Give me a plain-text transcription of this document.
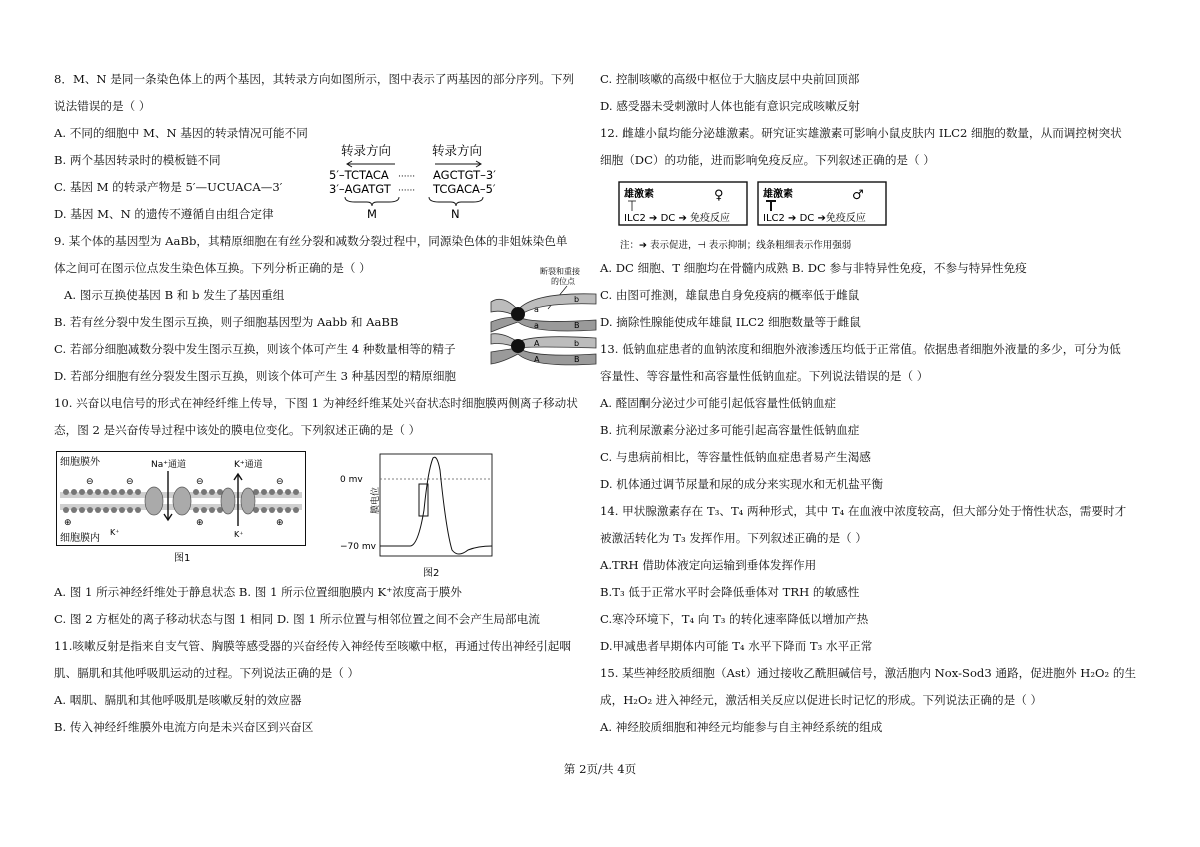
8．M、N 是同一条染色体上的两个基因，其转录方向如图所示，图中表示了两基因的部分序列。下列
说法错误的是（ ）
A. 不同的细胞中 M、N 基因的转录情况可能不同
B. 两个基因转录时的模板链不同
C. 基因 M 的转录产物是 5′—UCUACA—3′
D. 基因 M、N 的遗传不遵循自由组合定律
9. 某个体的基因型为 AaBb，其精原细胞在有丝分裂和减数分裂过程中，同源染色体的非姐妹染色单
体之间可在图示位点发生染色体互换。下列分析正确的是（ ）
A. 图示互换使基因 B 和 b 发生了基因重组
B. 若有丝分裂中发生图示互换，则子细胞基因型为 Aabb 和 AaBB
C. 若部分细胞减数分裂中发生图示互换，则该个体可产生 4 种数量相等的精子
D. 若部分细胞有丝分裂发生图示互换，则该个体可产生 3 种基因型的精原细胞
10. 兴奋以电信号的形式在神经纤维上传导，下图 1 为神经纤维某处兴奋状态时细胞膜两侧离子移动状
态，图 2 是兴奋传导过程中该处的膜电位变化。下列叙述正确的是（ ）
A. 图 1 所示神经纤维处于静息状态 B. 图 1 所示位置细胞膜内 K⁺浓度高于膜外
C. 图 2 方框处的离子移动状态与图 1 相同 D. 图 1 所示位置与相邻位置之间不会产生局部电流
11.咳嗽反射是指来自支气管、胸膜等感受器的兴奋经传入神经传至咳嗽中枢，再通过传出神经引起咽
肌、膈肌和其他呼吸肌运动的过程。下列说法正确的是（ ）
A. 咽肌、膈肌和其他呼吸肌是咳嗽反射的效应器
B. 传入神经纤维膜外电流方向是未兴奋区到兴奋区
C. 控制咳嗽的高级中枢位于大脑皮层中央前回顶部
D. 感受器未受刺激时人体也能有意识完成咳嗽反射
12. 雌雄小鼠均能分泌雄激素。研究证实雄激素可影响小鼠皮肤内 ILC2 细胞的数量，从而调控树突状
细胞（DC）的功能，进而影响免疫反应。下列叙述正确的是（ ）
A. DC 细胞、T 细胞均在骨髓内成熟 B. DC 参与非特异性免疫，不参与特异性免疫
C. 由图可推测，雄鼠患自身免疫病的概率低于雌鼠
D. 摘除性腺能使成年雄鼠 ILC2 细胞数量等于雌鼠
13. 低钠血症患者的血钠浓度和细胞外液渗透压均低于正常值。依据患者细胞外液量的多少，可分为低
容量性、等容量性和高容量性低钠血症。下列说法错误的是（ ）
A. 醛固酮分泌过少可能引起低容量性低钠血症
B. 抗利尿激素分泌过多可能引起高容量性低钠血症
C. 与患病前相比，等容量性低钠血症患者易产生渴感
D. 机体通过调节尿量和尿的成分来实现水和无机盐平衡
14. 甲状腺激素存在 T₃、T₄ 两种形式，其中 T₄ 在血液中浓度较高，但大部分处于惰性状态，需要时才
被激活转化为 T₃ 发挥作用。下列叙述正确的是（ ）
A.TRH 借助体液定向运输到垂体发挥作用
B.T₃ 低于正常水平时会降低垂体对 TRH 的敏感性
C.寒冷环境下，T₄ 向 T₃ 的转化速率降低以增加产热
D.甲减患者早期体内可能 T₄ 水平下降而 T₃ 水平正常
15. 某些神经胶质细胞（Ast）通过接收乙酰胆碱信号，激活胞内 Nox-Sod3 通路，促进胞外 H₂O₂ 的生
成，H₂O₂ 进入神经元，激活相关反应以促进长时记忆的形成。下列说法正确的是（ ）
A. 神经胶质细胞和神经元均能参与自主神经系统的组成
转录方向	转录方向
5′–TCTACA ······ AGCTGT–3′
3′–AGATGT ······ TCGACA–5′
M	N
断裂和重接
的位点
a
a
b
B
b
A
A	B
细胞膜外
细胞膜内
Na⁺通道	K⁺通道
K⁺	K⁺
⊖	⊖	⊖	⊖
⊕	⊕	⊕
图1
0 mv
−70 mv
膜电位
图2
雄激素	♀	雄激素	♂
ILC2 ➔ DC ➔ 免疫反应	ILC2 ➔ DC ➔免疫反应
注：➔ 表示促进，⊣ 表示抑制；线条粗细表示作用强弱
第 2页/共 4页
